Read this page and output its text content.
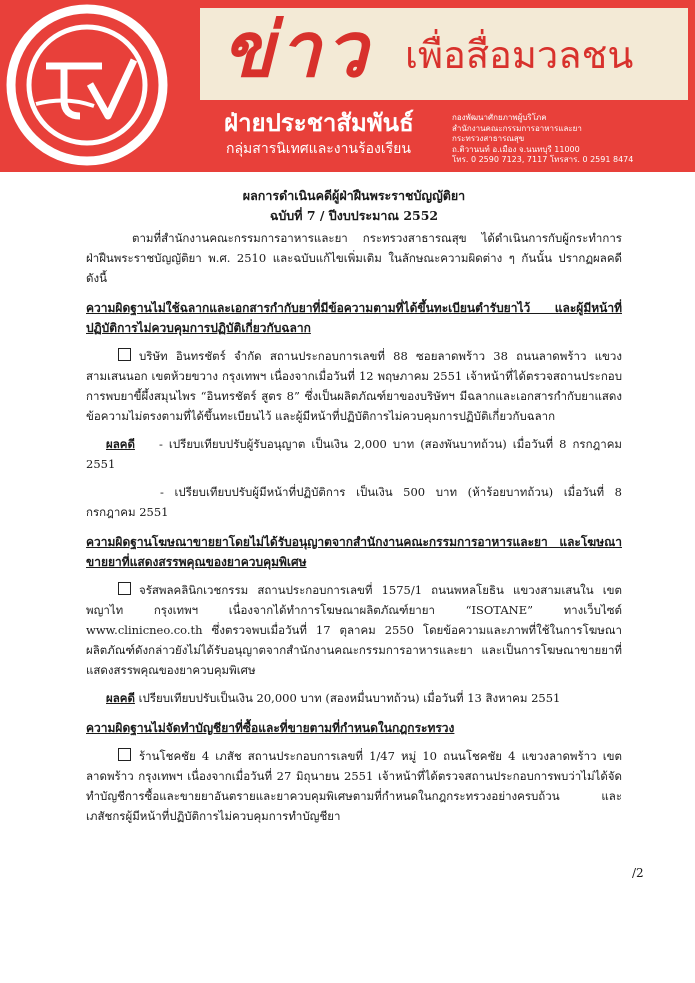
ข่าว เพื่อสื่อมวลชน
ฝ่ายประชาสัมพันธ์
กลุ่มสารนิเทศและงานร้องเรียน
กองพัฒนาศักยภาพผู้บริโภค
สำนักงานคณะกรรมการอาหารและยา
กระทรวงสาธารณสุข
ถ.ติวานนท์ อ.เมือง จ.นนทบุรี 11000
โทร. 0 2590 7123, 7117 โทรสาร. 0 2591 8474
ผลการดำเนินคดีผู้ฝ่าฝืนพระราชบัญญัติยา
ฉบับที่ 7 / ปีงบประมาณ 2552

ตามที่สำนักงานคณะกรรมการอาหารและยา กระทรวงสาธารณสุข ได้ดำเนินการกับผู้กระทำการฝ่าฝืนพระราชบัญญัติยา พ.ศ. 2510 และฉบับแก้ไขเพิ่มเติม ในลักษณะความผิดต่าง ๆ กันนั้น ปรากฏผลคดีดังนี้

ความผิดฐานไม่ใช้ฉลากและเอกสารกำกับยาที่มีข้อความตามที่ได้ขึ้นทะเบียนตำรับยาไว้ และผู้มีหน้าที่ปฏิบัติการไม่ควบคุมการปฏิบัติเกี่ยวกับฉลาก

บริษัท อินทรชัตร์ จำกัด สถานประกอบการเลขที่ 88 ซอยลาดพร้าว 38 ถนนลาดพร้าว แขวงสามเสนนอก เขตห้วยขวาง กรุงเทพฯ เนื่องจากเมื่อวันที่ 12 พฤษภาคม 2551 เจ้าหน้าที่ได้ตรวจสถานประกอบการพบยาขี้ผึ้งสมุนไพร “อินทรชัตร์ สูตร 8” ซึ่งเป็นผลิตภัณฑ์ยาของบริษัทฯ มีฉลากและเอกสารกำกับยาแสดงข้อความไม่ตรงตามที่ได้ขึ้นทะเบียนไว้ และผู้มีหน้าที่ปฏิบัติการไม่ควบคุมการปฏิบัติเกี่ยวกับฉลาก

ผลคดี - เปรียบเทียบปรับผู้รับอนุญาต เป็นเงิน 2,000 บาท (สองพันบาทถ้วน) เมื่อวันที่ 8 กรกฎาคม 2551

- เปรียบเทียบปรับผู้มีหน้าที่ปฏิบัติการ เป็นเงิน 500 บาท (ห้าร้อยบาทถ้วน) เมื่อวันที่ 8 กรกฎาคม 2551

ความผิดฐานโฆษณาขายยาโดยไม่ได้รับอนุญาตจากสำนักงานคณะกรรมการอาหารและยา และโฆษณาขายยาที่แสดงสรรพคุณของยาควบคุมพิเศษ

จรัสพลคลินิกเวชกรรม สถานประกอบการเลขที่ 1575/1 ถนนพหลโยธิน แขวงสามเสนใน เขตพญาไท กรุงเทพฯ เนื่องจากได้ทำการโฆษณาผลิตภัณฑ์ยายา “ISOTANE” ทางเว็บไซต์ www.clinicneo.co.th ซึ่งตรวจพบเมื่อวันที่ 17 ตุลาคม 2550 โดยข้อความและภาพที่ใช้ในการโฆษณาผลิตภัณฑ์ดังกล่าวยังไม่ได้รับอนุญาตจากสำนักงานคณะกรรมการอาหารและยา และเป็นการโฆษณาขายยาที่แสดงสรรพคุณของยาควบคุมพิเศษ

ผลคดี เปรียบเทียบปรับเป็นเงิน 20,000 บาท (สองหมื่นบาทถ้วน) เมื่อวันที่ 13 สิงหาคม 2551

ความผิดฐานไม่จัดทำบัญชียาที่ซื้อและที่ขายตามที่กำหนดในกฎกระทรวง

ร้านโชคชัย 4 เภสัช สถานประกอบการเลขที่ 1/47 หมู่ 10 ถนนโชคชัย 4 แขวงลาดพร้าว เขตลาดพร้าว กรุงเทพฯ เนื่องจากเมื่อวันที่ 27 มิถุนายน 2551 เจ้าหน้าที่ได้ตรวจสถานประกอบการพบว่าไม่ได้จัดทำบัญชีการซื้อและขายยาอันตรายและยาควบคุมพิเศษตามที่กำหนดในกฎกระทรวงอย่างครบถ้วน และเภสัชกรผู้มีหน้าที่ปฏิบัติการไม่ควบคุมการทำบัญชียา

/2
